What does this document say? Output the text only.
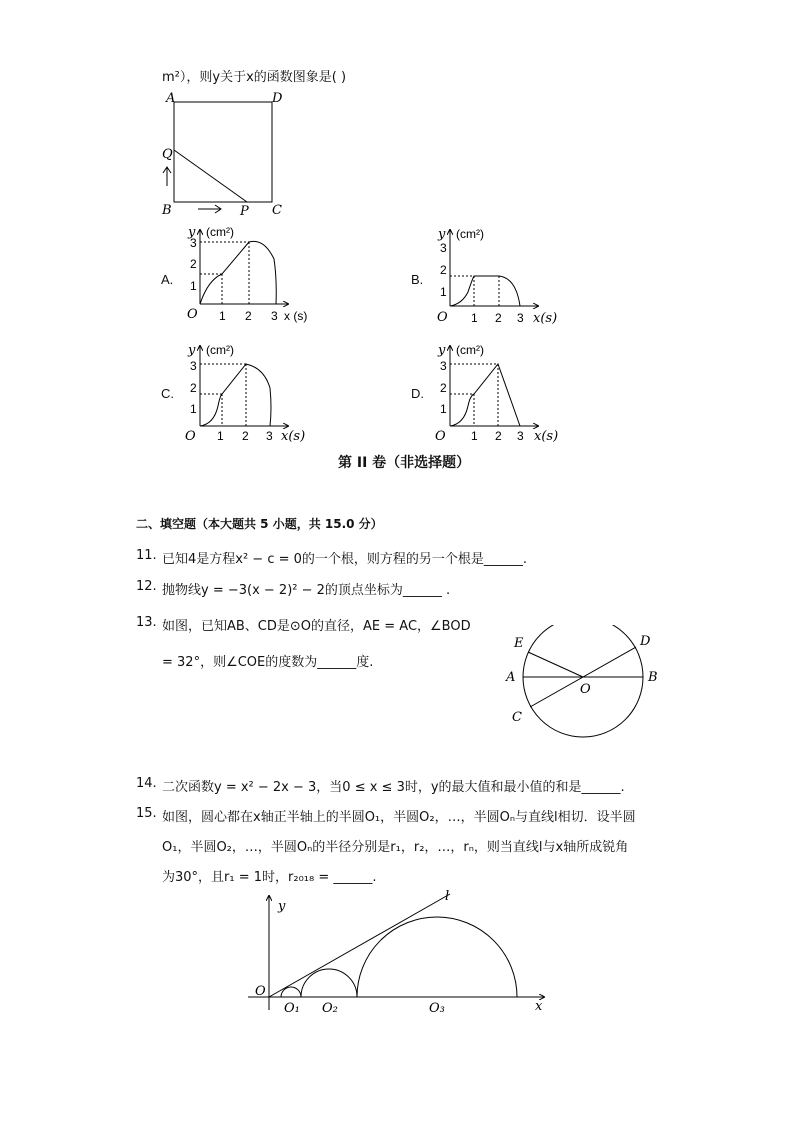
m²），则y关于x的函数图象是( )
A	D
Q
B	P C
A.
y (cm²)
3
2
1
O 1 2 3 x (s)
B.
y (cm²)
3
2
1
O 1 2 3 x(s)
C.
y (cm²)
3
2
1
O 1 2 3 x(s)
D.
y (cm²)
3
2
1
O 1 2 3 x(s)
第 II 卷（非选择题）
二、填空题（本大题共 5 小题，共 15.0 分）
11. 已知4是方程x² − c = 0的一个根，则方程的另一个根是______.
12. 抛物线y = −3(x − 2)² − 2的顶点坐标为______ .
13. 如图，已知AB、CD是⊙O的直径，AE = AC，∠BOD
= 32°，则∠COE的度数为______度.
E	D
A
O
B
C
14. 二次函数y = x² − 2x − 3，当0 ≤ x ≤ 3时，y的最大值和最小值的和是______.
15. 如图，圆心都在x轴正半轴上的半圆O₁，半圆O₂，…，半圆Oₙ与直线l相切．设半圆
O₁，半圆O₂，…，半圆Oₙ的半径分别是r₁，r₂，…，rₙ，则当直线l与x轴所成锐角
为30°，且r₁ = 1时，r₂₀₁₈ = ______.
l
y
O
O₁ O₂	O₃	x
